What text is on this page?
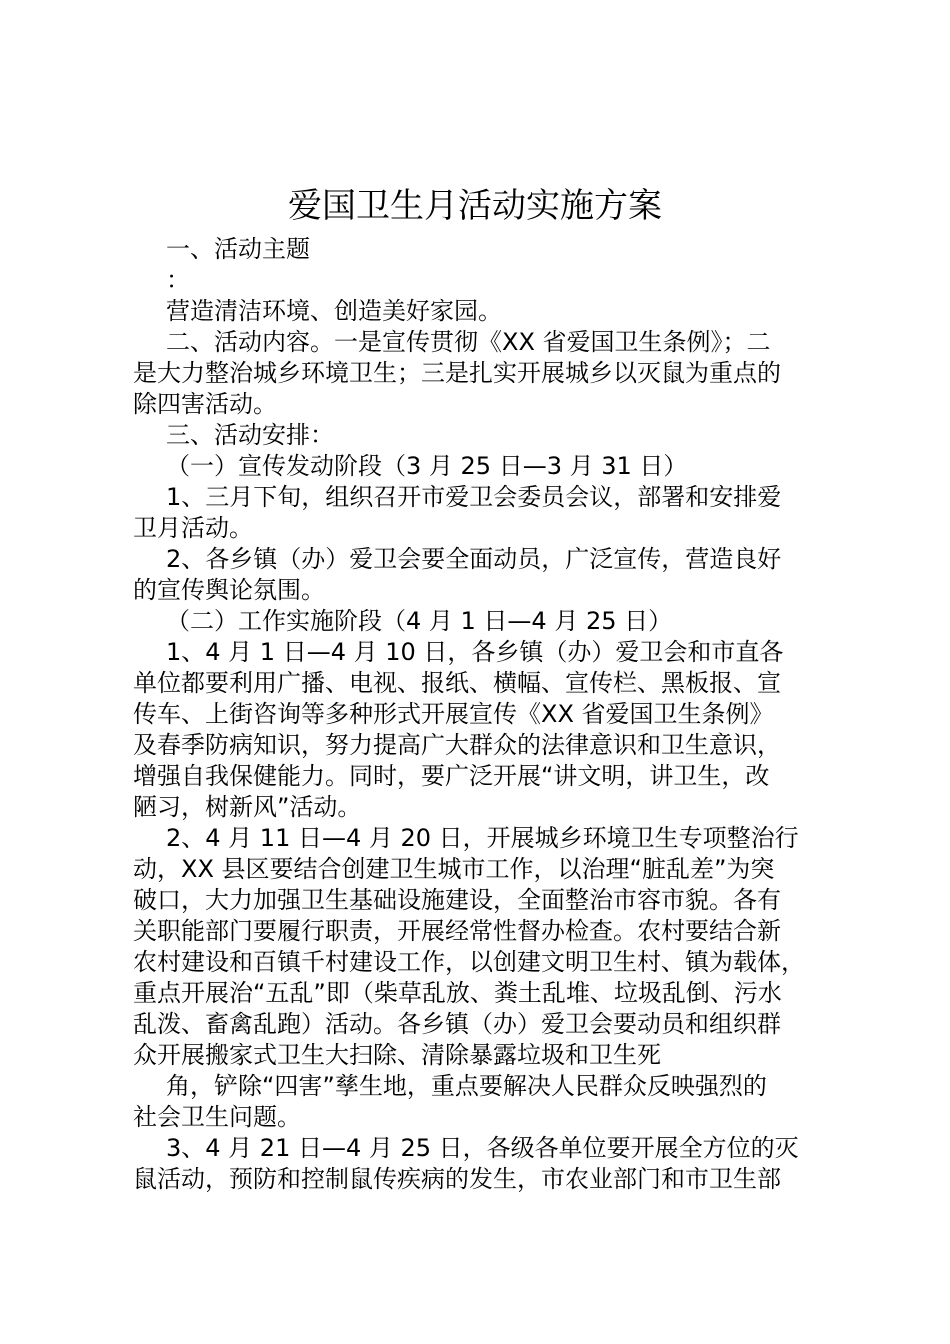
爱国卫生月活动实施方案
一、活动主题
：
营造清洁环境、创造美好家园。
二、活动内容。一是宣传贯彻《XX 省爱国卫生条例》；二
是大力整治城乡环境卫生；三是扎实开展城乡以灭鼠为重点的
除四害活动。
三、活动安排：
（一）宣传发动阶段（3 月 25 日—3 月 31 日）
1、三月下旬，组织召开市爱卫会委员会议，部署和安排爱
卫月活动。
2、各乡镇（办）爱卫会要全面动员，广泛宣传，营造良好
的宣传舆论氛围。
（二）工作实施阶段（4 月 1 日—4 月 25 日）
1、4 月 1 日—4 月 10 日，各乡镇（办）爱卫会和市直各
单位都要利用广播、电视、报纸、横幅、宣传栏、黑板报、宣
传车、上街咨询等多种形式开展宣传《XX 省爱国卫生条例》
及春季防病知识，努力提高广大群众的法律意识和卫生意识，
增强自我保健能力。同时，要广泛开展“讲文明，讲卫生，改
陋习，树新风”活动。
2、4 月 11 日—4 月 20 日，开展城乡环境卫生专项整治行
动，XX 县区要结合创建卫生城市工作，以治理“脏乱差”为突
破口，大力加强卫生基础设施建设，全面整治市容市貌。各有
关职能部门要履行职责，开展经常性督办检查。农村要结合新
农村建设和百镇千村建设工作，以创建文明卫生村、镇为载体，
重点开展治“五乱”即（柴草乱放、粪土乱堆、垃圾乱倒、污水
乱泼、畜禽乱跑）活动。各乡镇（办）爱卫会要动员和组织群
众开展搬家式卫生大扫除、清除暴露垃圾和卫生死
角，铲除“四害”孳生地，重点要解决人民群众反映强烈的
社会卫生问题。
3、4 月 21 日—4 月 25 日，各级各单位要开展全方位的灭
鼠活动，预防和控制鼠传疾病的发生，市农业部门和市卫生部
